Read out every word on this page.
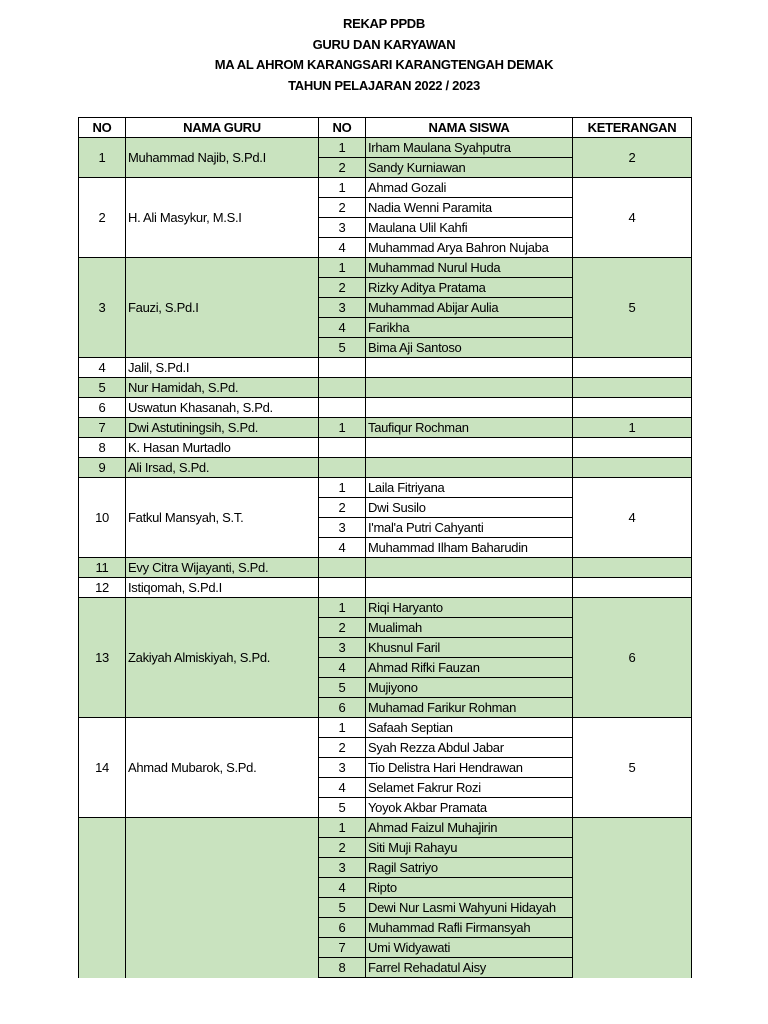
REKAP PPDB
GURU DAN KARYAWAN
MA AL AHROM KARANGSARI KARANGTENGAH DEMAK
TAHUN PELAJARAN 2022 / 2023
NO	NAMA GURU	NO	NAMA SISWA	KETERANGAN
1	Muhammad Najib, S.Pd.I	1	Irham Maulana Syahputra	2
		2	Sandy Kurniawan	
2	H. Ali Masykur, M.S.I	1	Ahmad Gozali	4
		2	Nadia Wenni Paramita	
		3	Maulana Ulil Kahfi	
		4	Muhammad Arya Bahron Nujaba	
3	Fauzi, S.Pd.I	1	Muhammad Nurul Huda	5
		2	Rizky Aditya Pratama	
		3	Muhammad Abijar Aulia	
		4	Farikha	
		5	Bima Aji Santoso	
4	Jalil, S.Pd.I			
5	Nur Hamidah, S.Pd.			
6	Uswatun Khasanah, S.Pd.			
7	Dwi Astutiningsih, S.Pd.	1	Taufiqur Rochman	1
8	K. Hasan Murtadlo			
9	Ali Irsad, S.Pd.			
10	Fatkul Mansyah, S.T.	1	Laila Fitriyana	4
		2	Dwi Susilo	
		3	I'mal'a Putri Cahyanti	
		4	Muhammad Ilham Baharudin	
11	Evy Citra Wijayanti, S.Pd.			
12	Istiqomah, S.Pd.I			
13	Zakiyah Almiskiyah, S.Pd.	1	Riqi Haryanto	6
		2	Mualimah	
		3	Khusnul Faril	
		4	Ahmad Rifki Fauzan	
		5	Mujiyono	
		6	Muhamad Farikur Rohman	
14	Ahmad Mubarok, S.Pd.	1	Safaah Septian	5
		2	Syah Rezza Abdul Jabar	
		3	Tio Delistra Hari Hendrawan	
		4	Selamet Fakrur Rozi	
		5	Yoyok Akbar Pramata	
		1	Ahmad Faizul Muhajirin	
		2	Siti Muji Rahayu	
		3	Ragil Satriyo	
		4	Ripto	
		5	Dewi Nur Lasmi Wahyuni Hidayah	
		6	Muhammad Rafli Firmansyah	
		7	Umi Widyawati	
		8	Farrel Rehadatul Aisy	
